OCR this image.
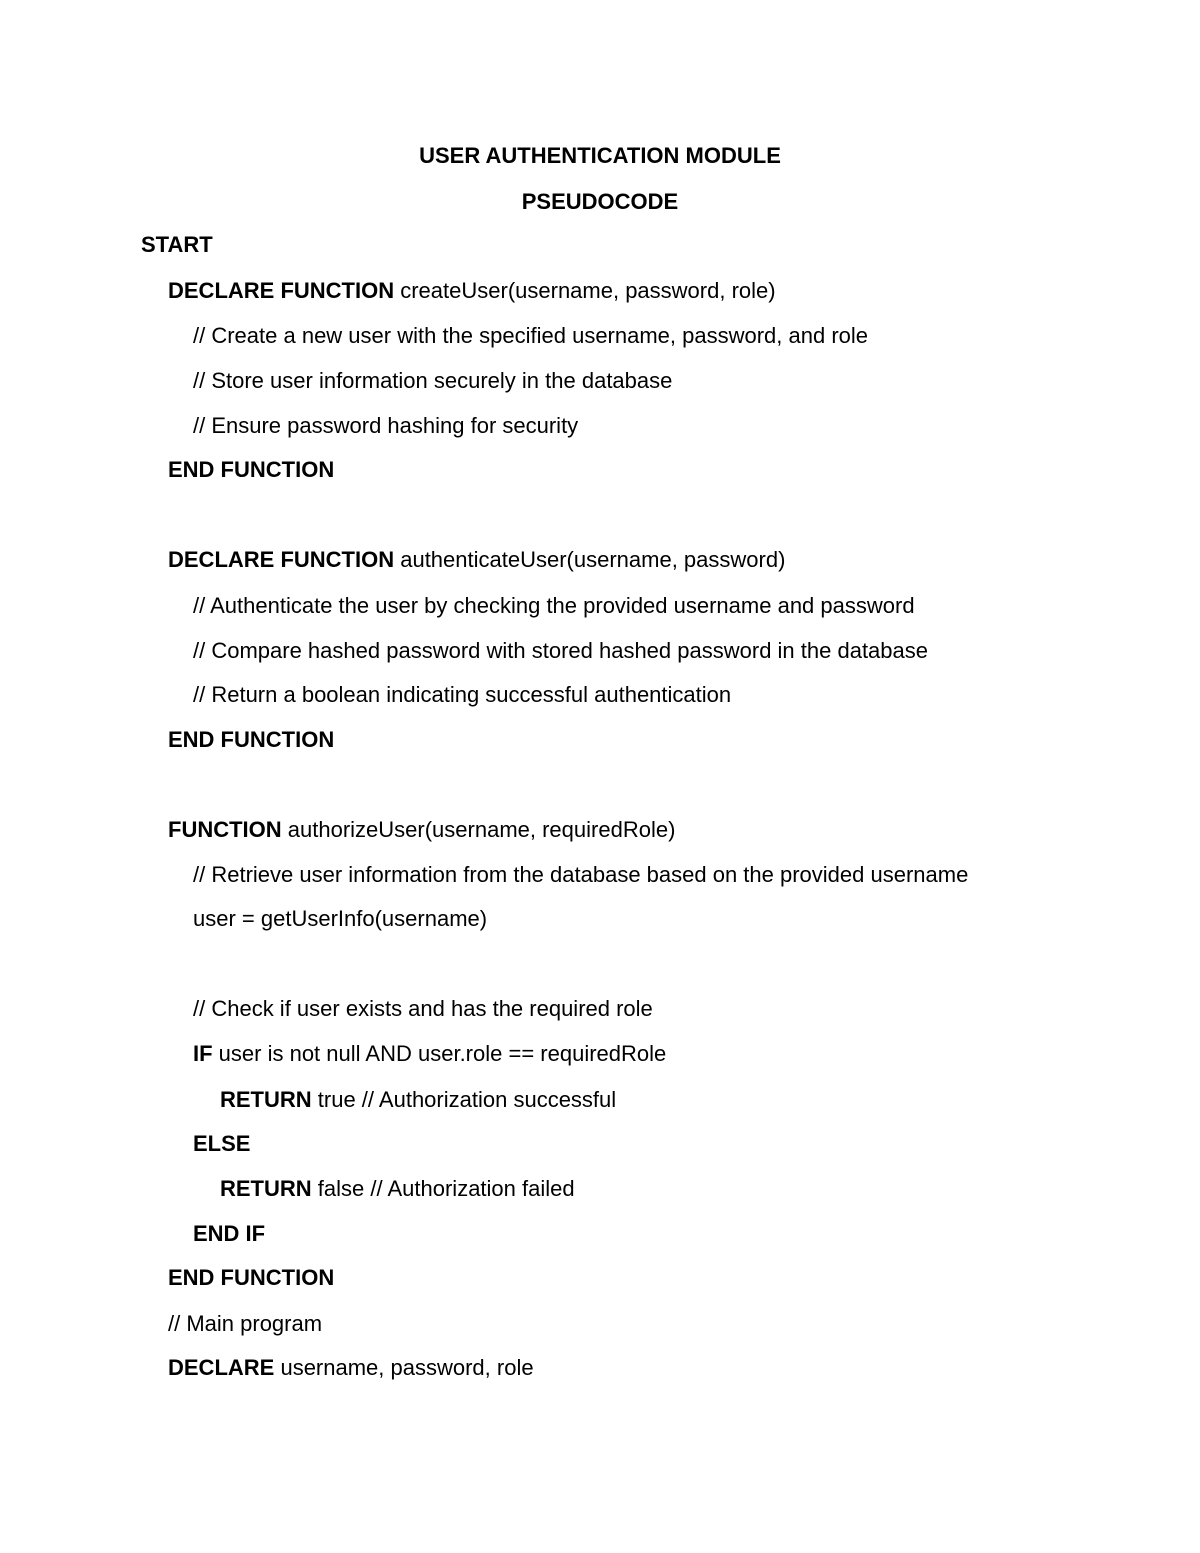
USER AUTHENTICATION MODULE
PSEUDOCODE
START
DECLARE FUNCTION createUser(username, password, role)
// Create a new user with the specified username, password, and role
// Store user information securely in the database
// Ensure password hashing for security
END FUNCTION
DECLARE FUNCTION authenticateUser(username, password)
// Authenticate the user by checking the provided username and password
// Compare hashed password with stored hashed password in the database
// Return a boolean indicating successful authentication
END FUNCTION
FUNCTION authorizeUser(username, requiredRole)
// Retrieve user information from the database based on the provided username
user = getUserInfo(username)
// Check if user exists and has the required role
IF user is not null AND user.role == requiredRole
RETURN true // Authorization successful
ELSE
RETURN false // Authorization failed
END IF
END FUNCTION
// Main program
DECLARE username, password, role
